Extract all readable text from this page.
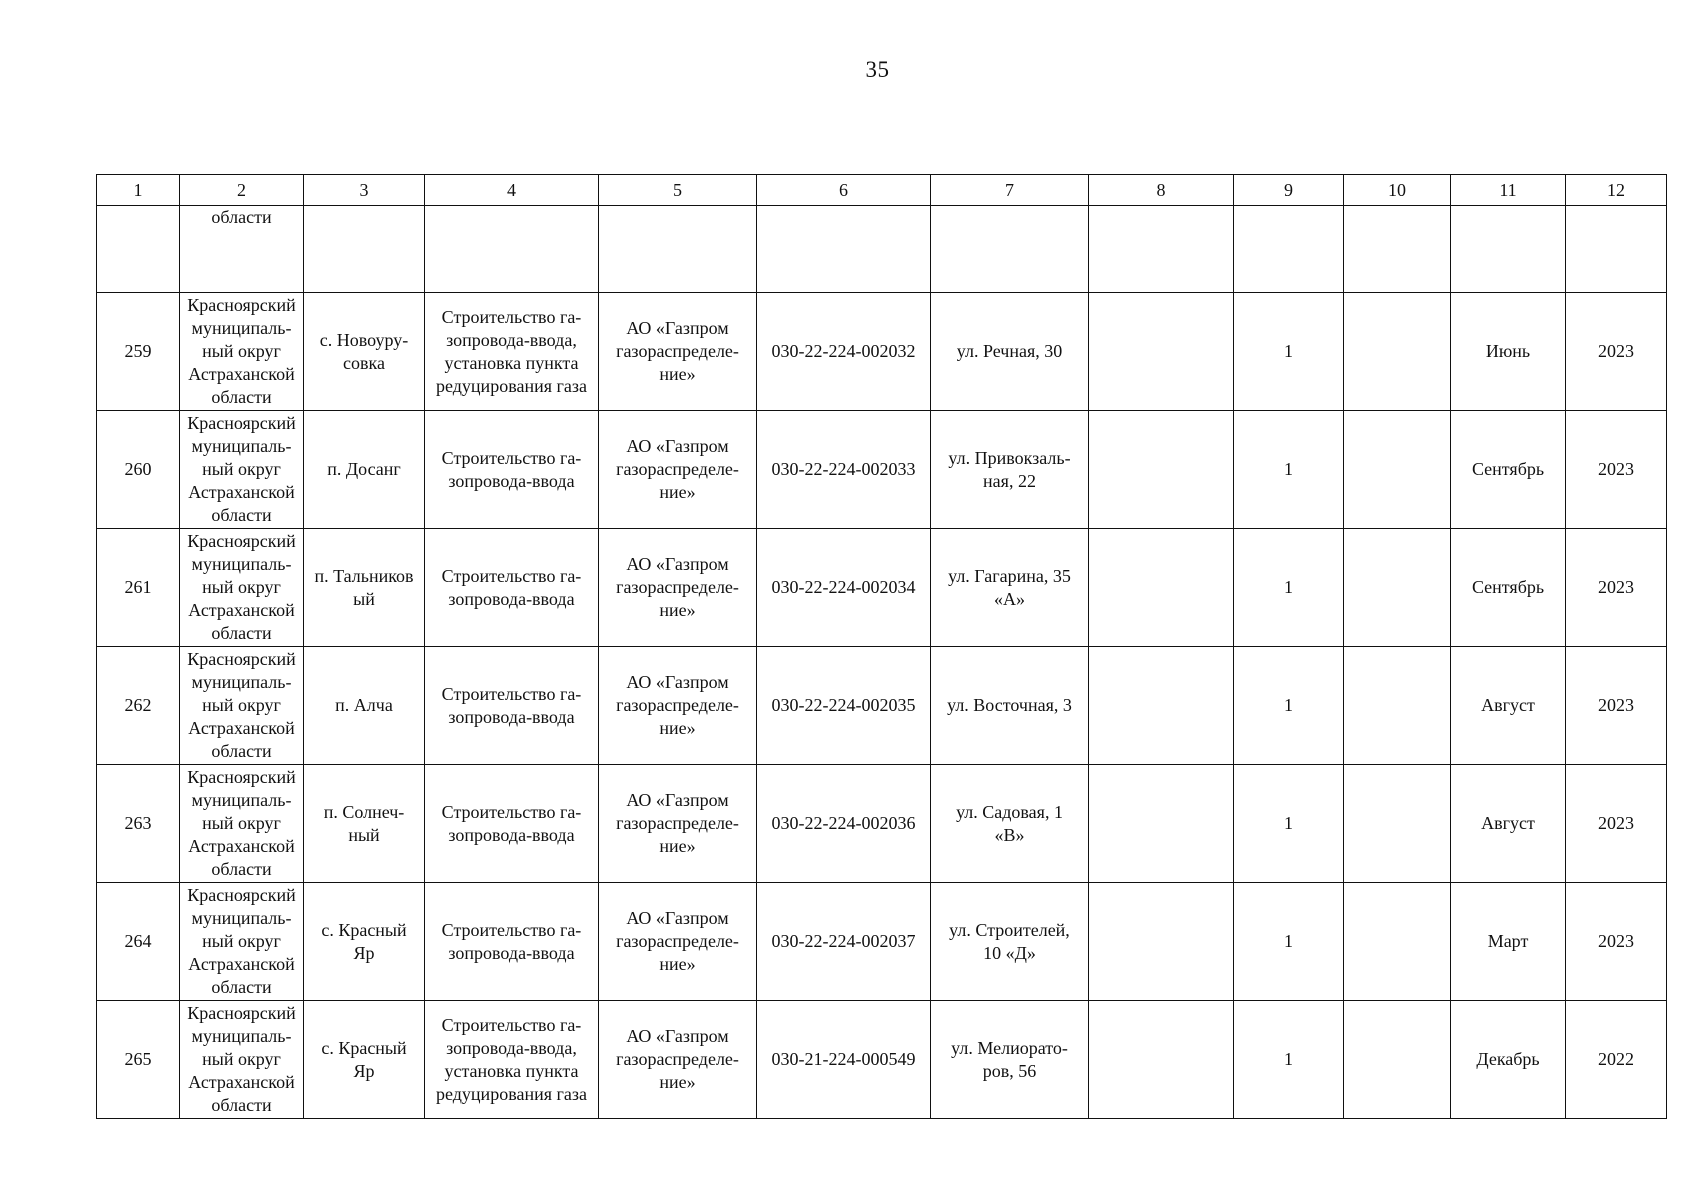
35
1	2	3	4	5	6	7	8	9	10	11	12

	области										

259	Красноярский
муниципаль-
ный округ
Астраханской
области	с. Новоуру-
совка	Строительство га-
зопровода-ввода,
установка пункта
редуцирования газа	АО «Газпром
газораспределе-
ние»	030-22-224-002032	ул. Речная, 30		1		Июнь	2023

260	Красноярский
муниципаль-
ный округ
Астраханской
области	п. Досанг	Строительство га-
зопровода-ввода	АО «Газпром
газораспределе-
ние»	030-22-224-002033	ул. Привокзаль-
ная, 22		1		Сентябрь	2023

261	Красноярский
муниципаль-
ный округ
Астраханской
области	п. Тальников
ый	Строительство га-
зопровода-ввода	АО «Газпром
газораспределе-
ние»	030-22-224-002034	ул. Гагарина, 35
«А»		1		Сентябрь	2023

262	Красноярский
муниципаль-
ный округ
Астраханской
области	п. Алча	Строительство га-
зопровода-ввода	АО «Газпром
газораспределе-
ние»	030-22-224-002035	ул. Восточная, 3		1		Август	2023

263	Красноярский
муниципаль-
ный округ
Астраханской
области	п. Солнеч-
ный	Строительство га-
зопровода-ввода	АО «Газпром
газораспределе-
ние»	030-22-224-002036	ул. Садовая, 1
«В»		1		Август	2023

264	Красноярский
муниципаль-
ный округ
Астраханской
области	с. Красный
Яр	Строительство га-
зопровода-ввода	АО «Газпром
газораспределе-
ние»	030-22-224-002037	ул. Строителей,
10 «Д»		1		Март	2023

265	Красноярский
муниципаль-
ный округ
Астраханской
области	с. Красный
Яр	Строительство га-
зопровода-ввода,
установка пункта
редуцирования газа	АО «Газпром
газораспределе-
ние»	030-21-224-000549	ул. Мелиорато-
ров, 56		1		Декабрь	2022
